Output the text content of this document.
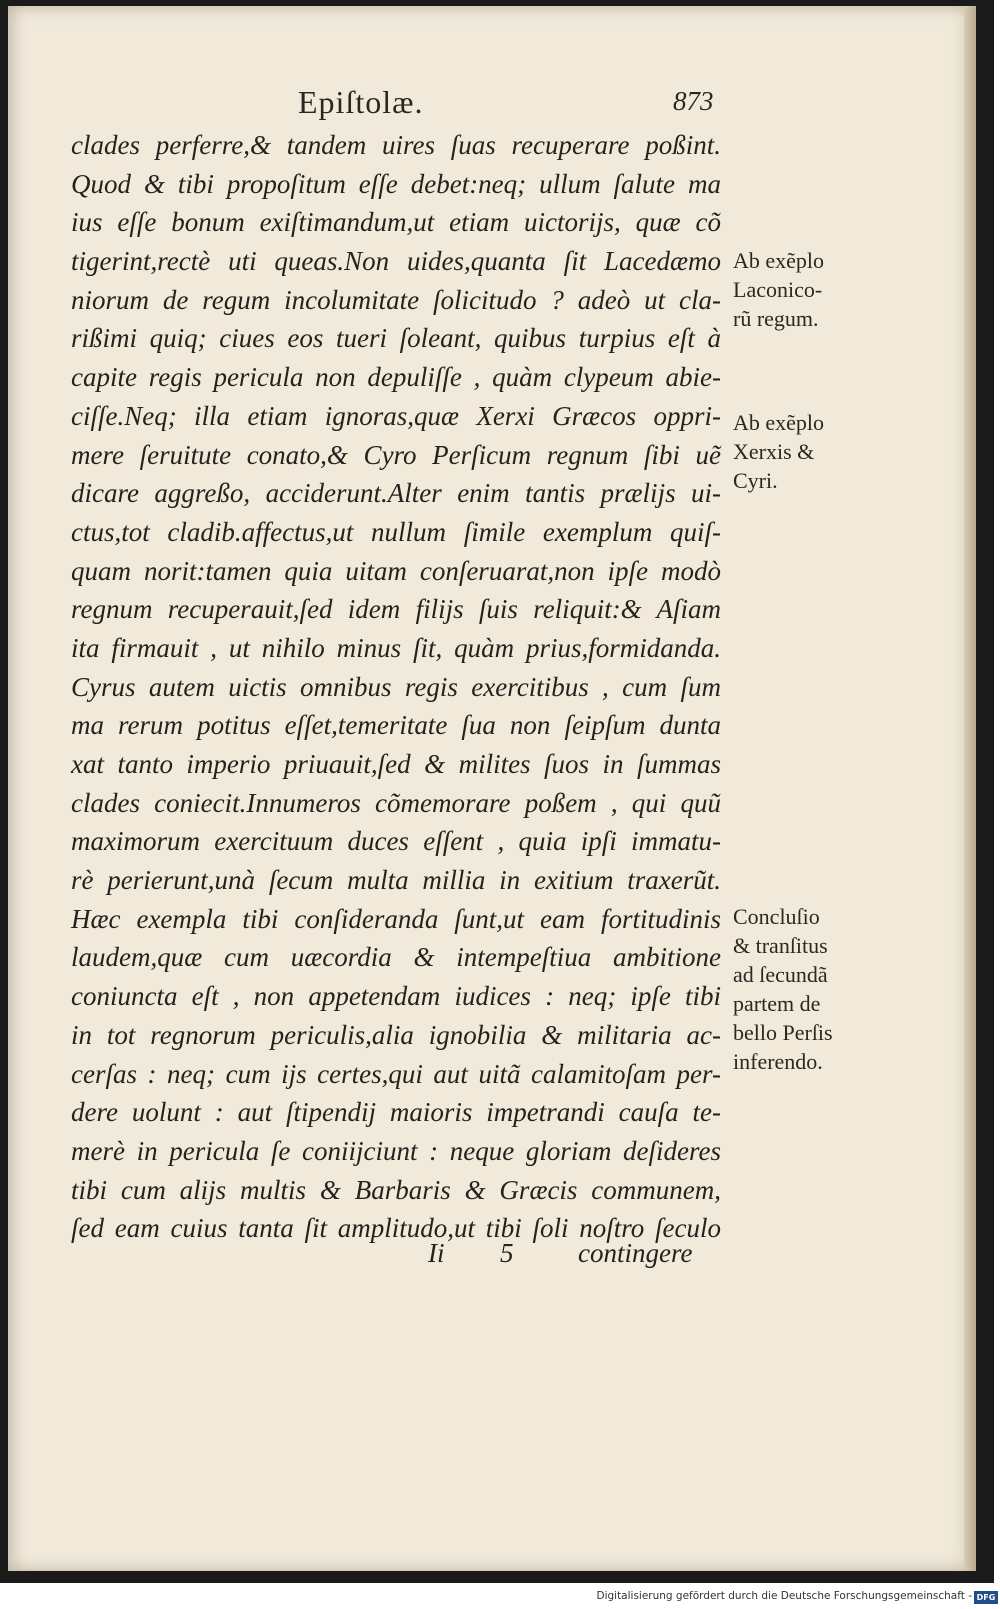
Epiſtolæ.	873
clades perferre,& tandem uires ſuas recuperare poßint.
Quod & tibi propoſitum eſſe debet:neq; ullum ſalute ma
ius eſſe bonum exiſtimandum,ut etiam uictorijs, quæ cõ
tigerint,rectè uti queas.Non uides,quanta ſit Lacedæmo
niorum de regum incolumitate ſolicitudo ? adeò ut cla-
rißimi quiq; ciues eos tueri ſoleant, quibus turpius eſt à
capite regis pericula non depuliſſe , quàm clypeum abie-
ciſſe.Neq; illa etiam ignoras,quæ Xerxi Græcos oppri-
mere ſeruitute conato,& Cyro Perſicum regnum ſibi uẽ
dicare aggreßo, acciderunt.Alter enim tantis prælijs ui-
ctus,tot cladib.affectus,ut nullum ſimile exemplum quiſ-
quam norit:tamen quia uitam conſeruarat,non ipſe modò
regnum recuperauit,ſed idem filijs ſuis reliquit:& Aſiam
ita firmauit , ut nihilo minus ſit, quàm prius,formidanda.
Cyrus autem uictis omnibus regis exercitibus , cum ſum
ma rerum potitus eſſet,temeritate ſua non ſeipſum dunta
xat tanto imperio priuauit,ſed & milites ſuos in ſummas
clades coniecit.Innumeros cõmemorare poßem , qui quũ
maximorum exercituum duces eſſent , quia ipſi immatu-
rè perierunt,unà ſecum multa millia in exitium traxerũt.
Hæc exempla tibi conſideranda ſunt,ut eam fortitudinis
laudem,quæ cum uæcordia & intempeſtiua ambitione
coniuncta eſt , non appetendam iudices : neq; ipſe tibi
in tot regnorum periculis,alia ignobilia & militaria ac-
cerſas : neq; cum ijs certes,qui aut uitã calamitoſam per-
dere uolunt : aut ſtipendij maioris impetrandi cauſa te-
merè in pericula ſe coniijciunt : neque gloriam deſideres
tibi cum alijs multis & Barbaris & Græcis communem,
ſed eam cuius tanta ſit amplitudo,ut tibi ſoli noſtro ſeculo
Ii 5 contingere
Ab exẽplo
Laconico-
rũ regum.
Ab exẽplo
Xerxis &
Cyri.
Concluſio
& tranſitus
ad ſecundã
partem de
bello Perſis
inferendo.
Digitalisierung gefördert durch die Deutsche Forschungsgemeinschaft - DFG
